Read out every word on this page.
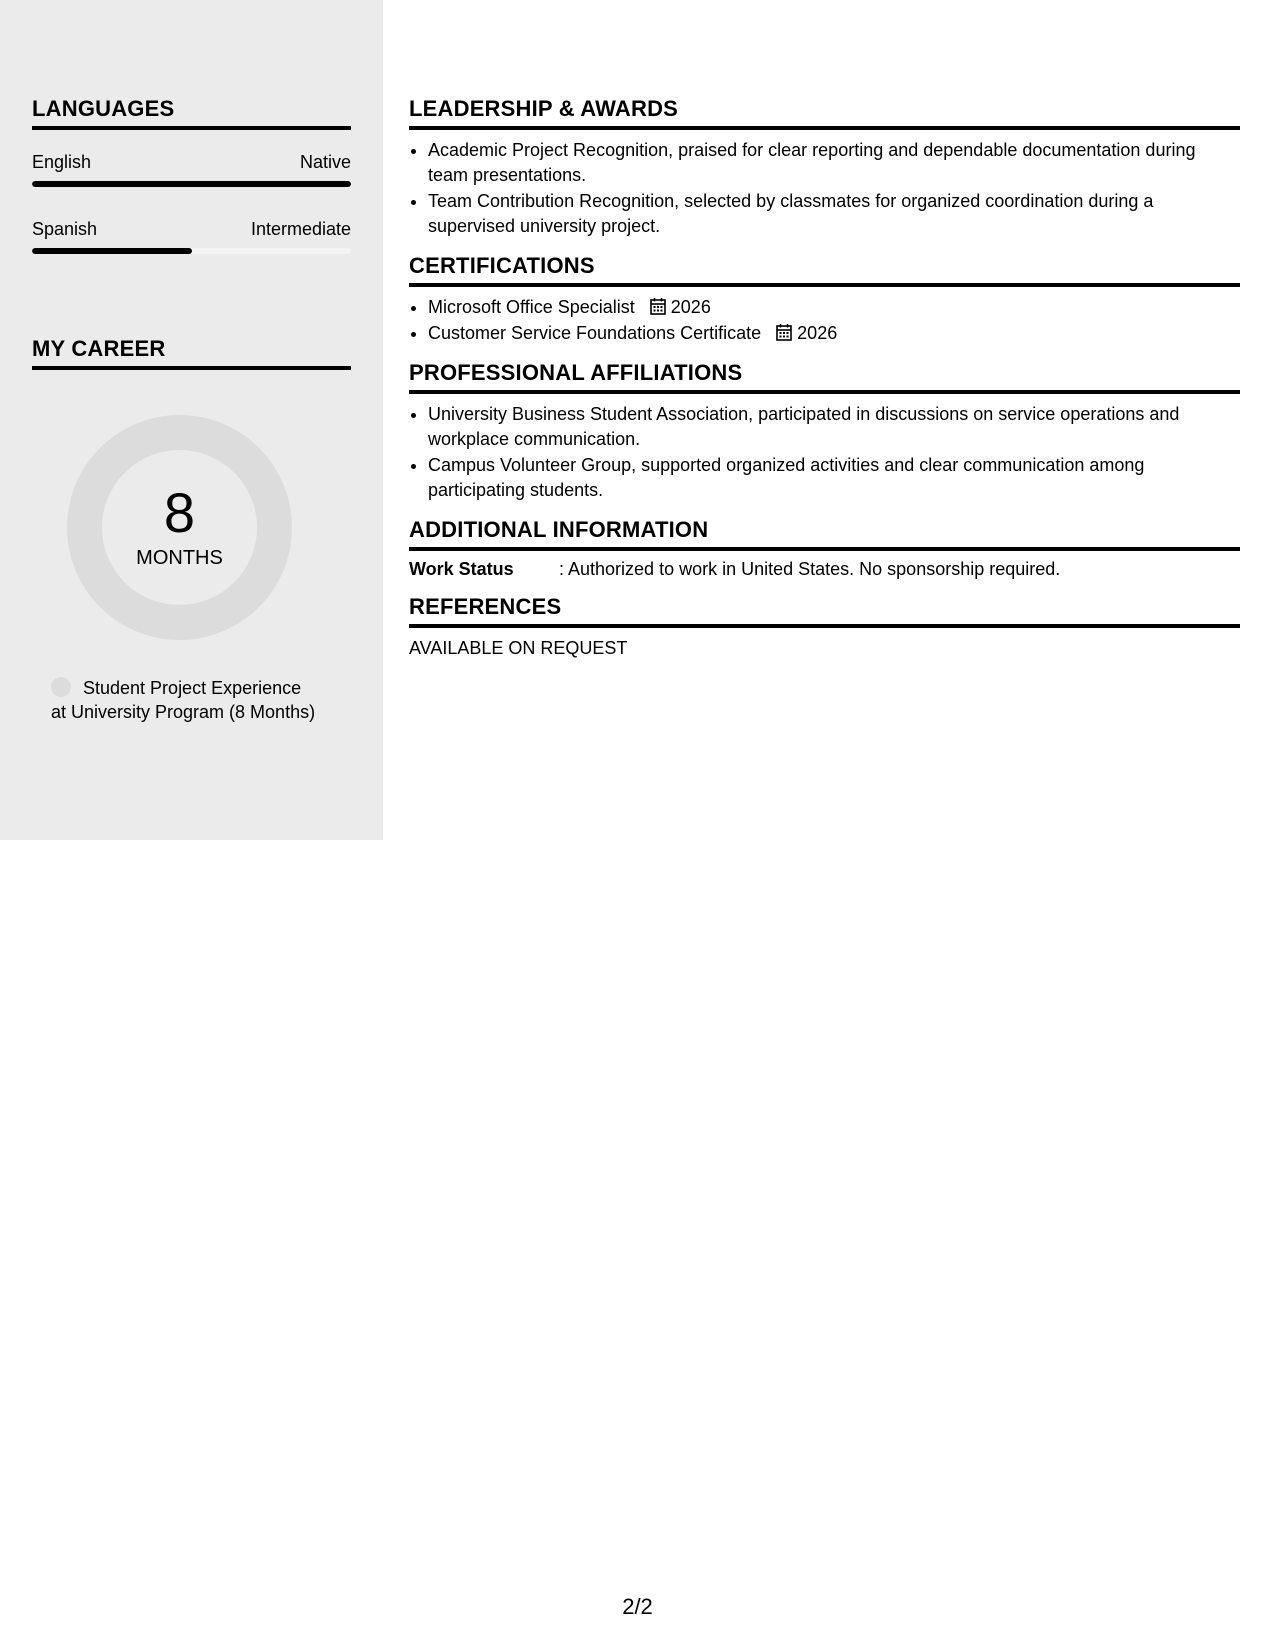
LANGUAGES
English	Native
Spanish	Intermediate
MY CAREER
8
MONTHS
Student Project Experience at University Program (8 Months)
LEADERSHIP & AWARDS
• Academic Project Recognition, praised for clear reporting and dependable documentation during team presentations.
• Team Contribution Recognition, selected by classmates for organized coordination during a supervised university project.
CERTIFICATIONS
• Microsoft Office Specialist 2026
• Customer Service Foundations Certificate 2026
PROFESSIONAL AFFILIATIONS
• University Business Student Association, participated in discussions on service operations and workplace communication.
• Campus Volunteer Group, supported organized activities and clear communication among participating students.
ADDITIONAL INFORMATION
Work Status	: Authorized to work in United States. No sponsorship required.
REFERENCES
AVAILABLE ON REQUEST
2/2
